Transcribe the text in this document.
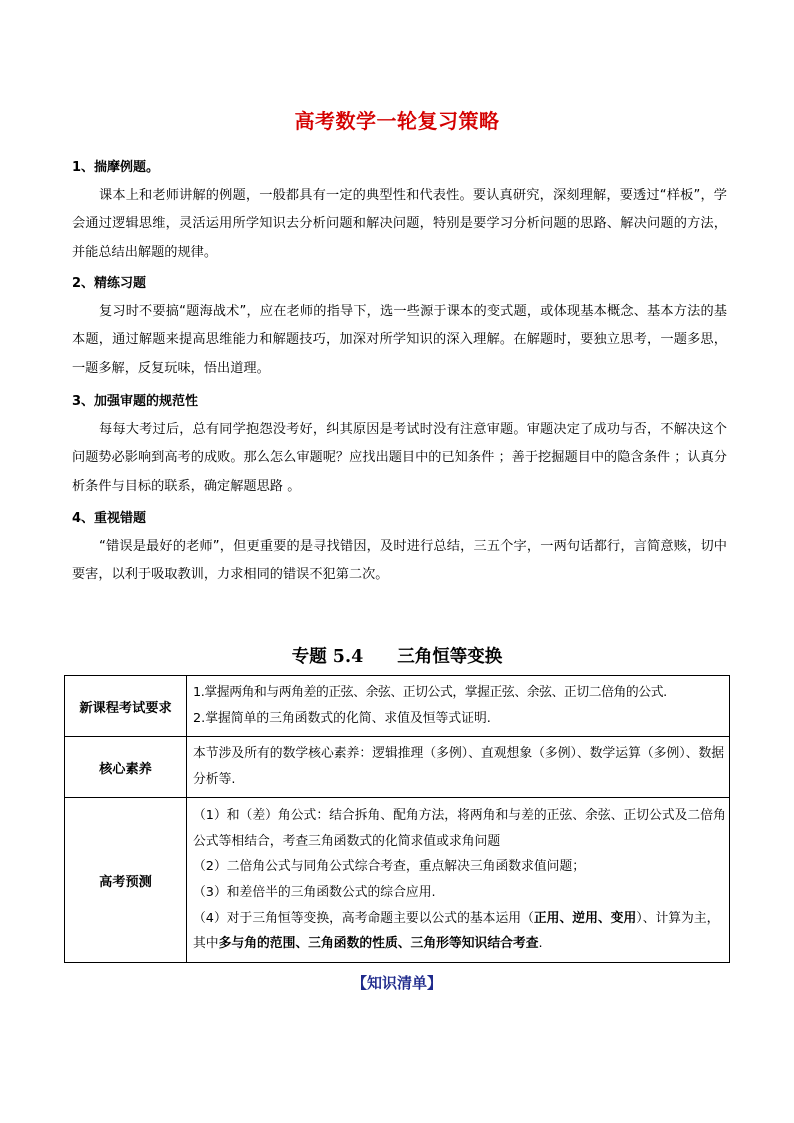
高考数学一轮复习策略

1、揣摩例题。

课本上和老师讲解的例题，一般都具有一定的典型性和代表性。要认真研究，深刻理解，要透过“样板”，学会通过逻辑思维，灵活运用所学知识去分析问题和解决问题，特别是要学习分析问题的思路、解决问题的方法，并能总结出解题的规律。

2、精练习题

复习时不要搞“题海战术”，应在老师的指导下，选一些源于课本的变式题，或体现基本概念、基本方法的基本题，通过解题来提高思维能力和解题技巧，加深对所学知识的深入理解。在解题时，要独立思考，一题多思，一题多解，反复玩味，悟出道理。

3、加强审题的规范性

每每大考过后，总有同学抱怨没考好，纠其原因是考试时没有注意审题。审题决定了成功与否，不解决这个问题势必影响到高考的成败。那么怎么审题呢？应找出题目中的已知条件 ；善于挖掘题目中的隐含条件 ；认真分析条件与目标的联系，确定解题思路 。

4、重视错题

“错误是最好的老师”，但更重要的是寻找错因，及时进行总结，三五个字，一两句话都行，言简意赅，切中要害，以利于吸取教训，力求相同的错误不犯第二次。

专题 5.4 三角恒等变换
新课程考试要求	1.掌握两角和与两角差的正弦、余弦、正切公式，掌握正弦、余弦、正切二倍角的公式.

2.掌握简单的三角函数式的化简、求值及恒等式证明.

核心素养	本节涉及所有的数学核心素养：逻辑推理（多例）、直观想象（多例）、数学运算（多例）、数据分析等.
高考预测	（1）和（差）角公式：结合拆角、配角方法，将两角和与差的正弦、余弦、正切公式及二倍角公式等相结合，考查三角函数式的化简求值或求角问题

（2）二倍角公式与同角公式综合考查，重点解决三角函数求值问题；

（3）和差倍半的三角函数公式的综合应用.

（4）对于三角恒等变换，高考命题主要以公式的基本运用（正用、逆用、变用）、计算为主，其中多与角的范围、三角函数的性质、三角形等知识结合考查.

【知识清单】
